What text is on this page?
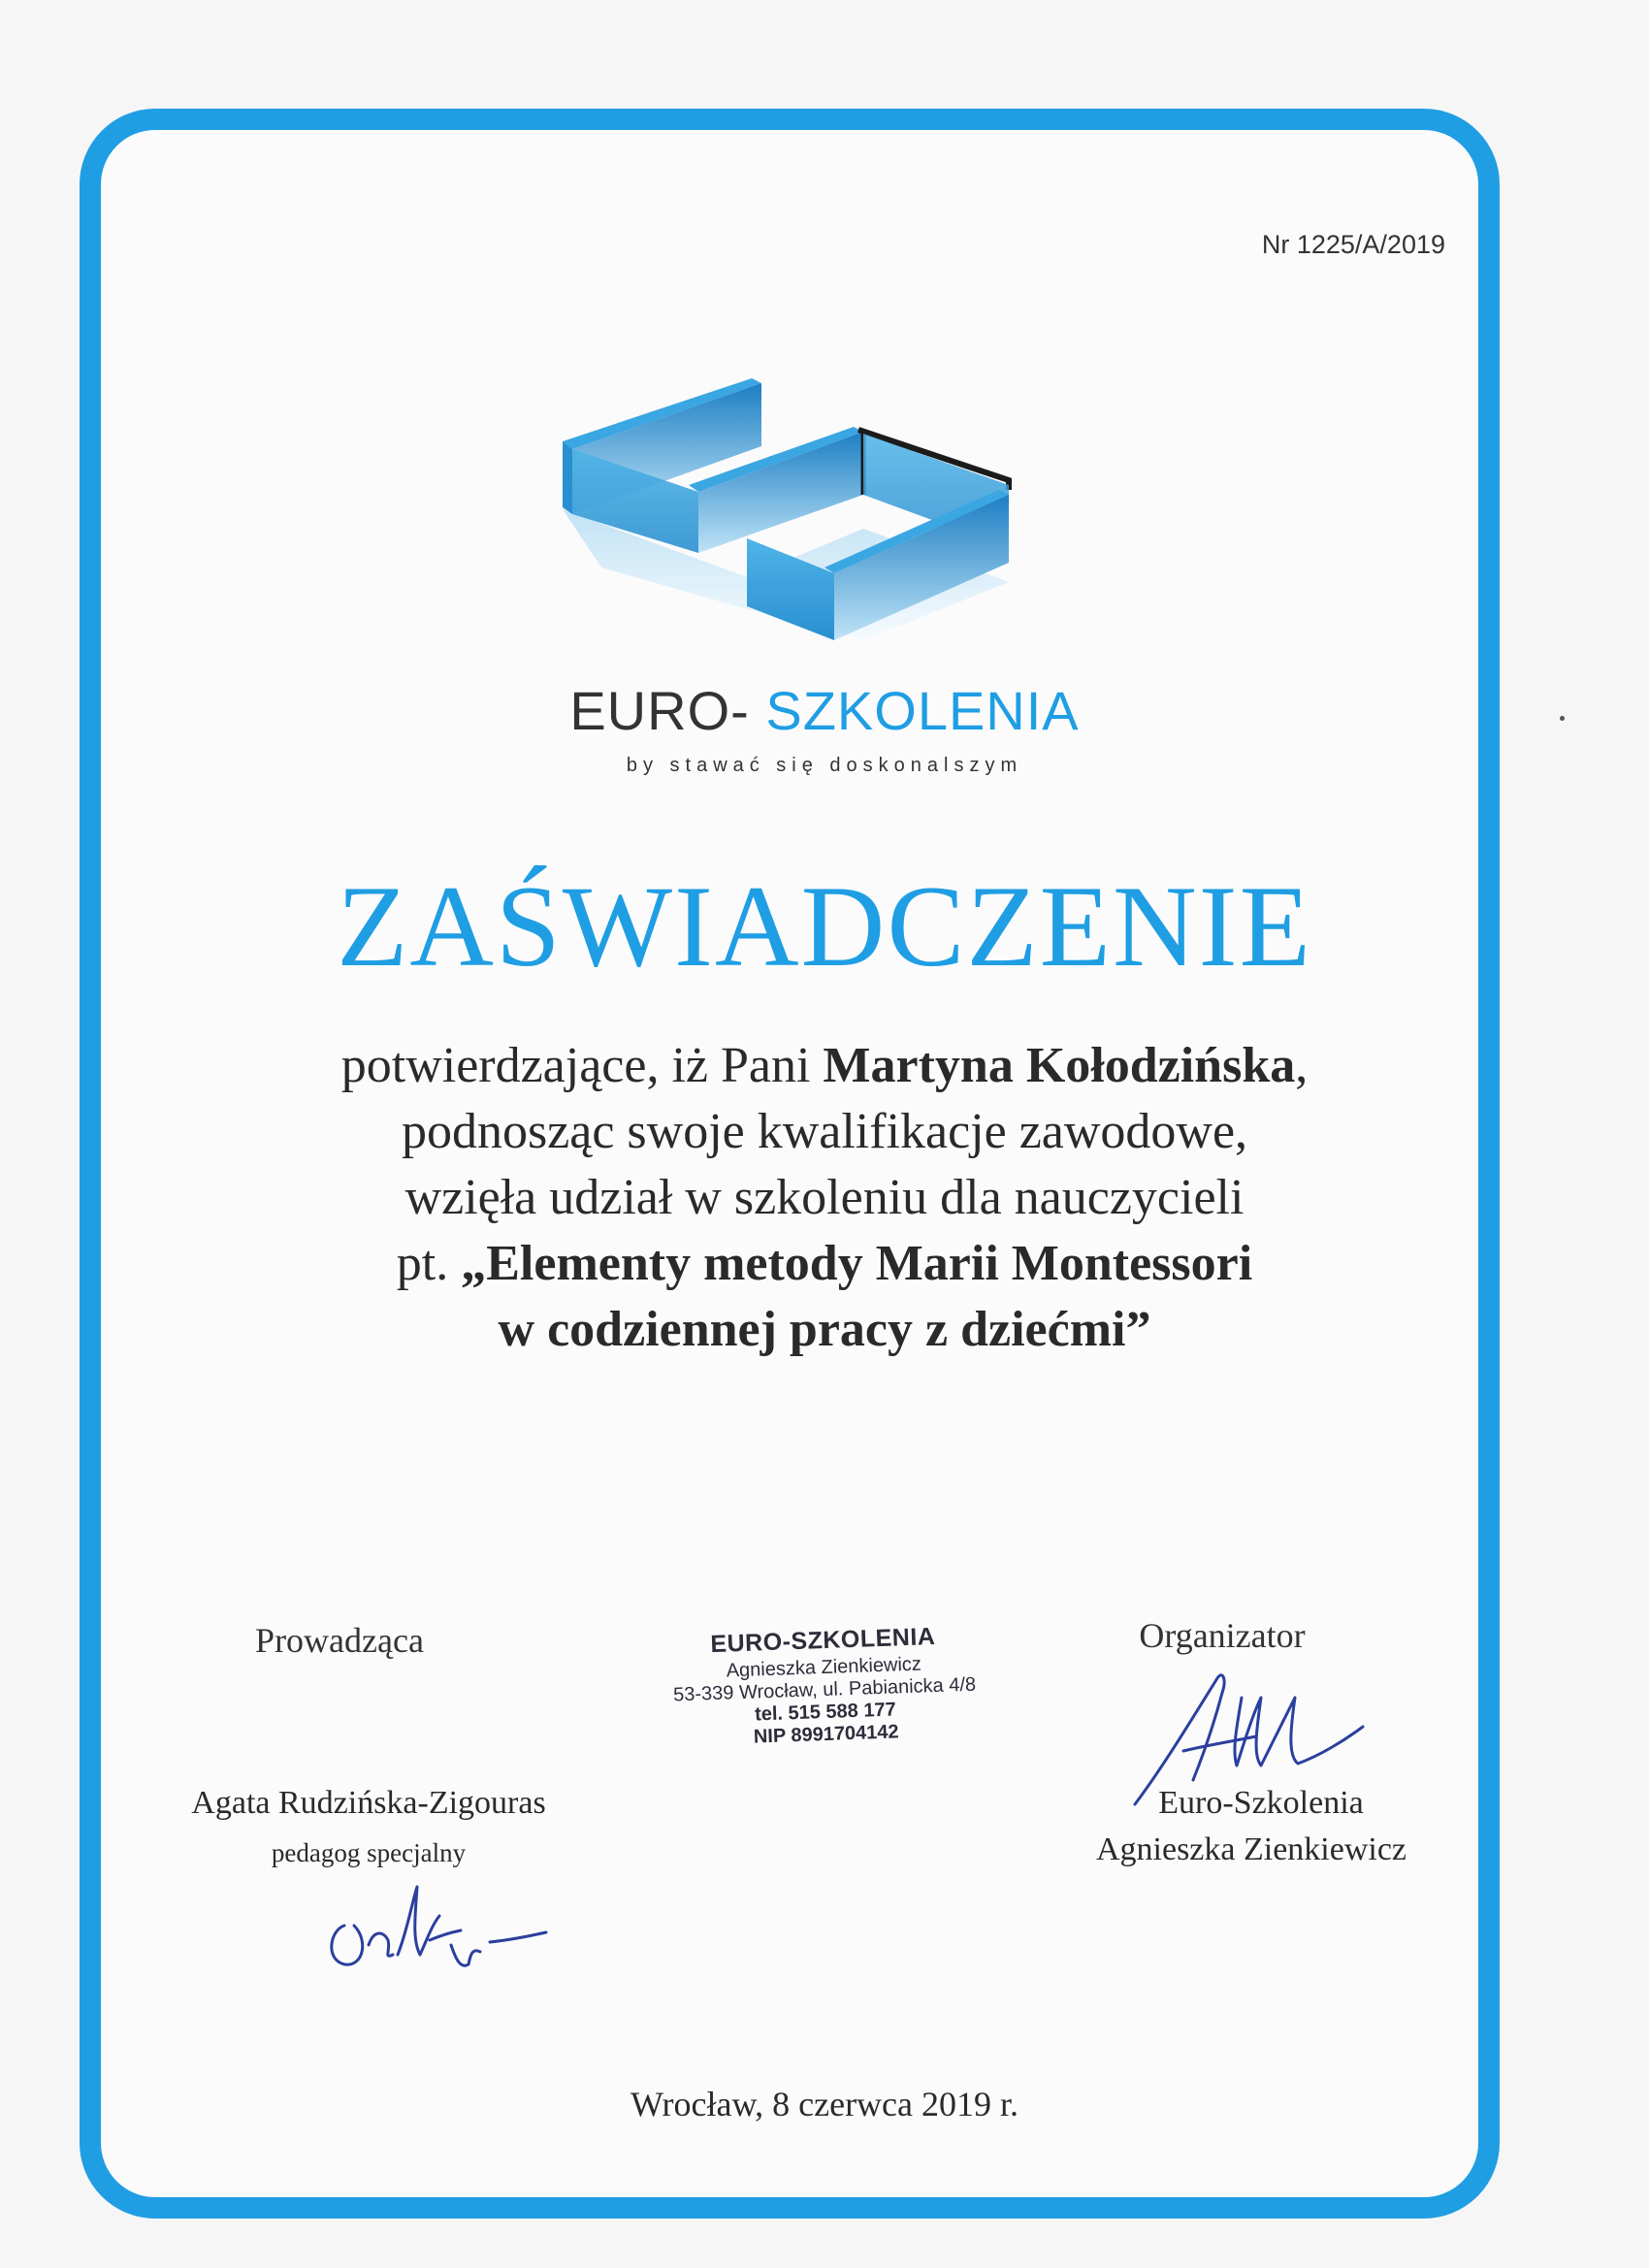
Nr 1225/A/2019
EURO- SZKOLENIA
by stawać się doskonalszym
ZAŚWIADCZENIE
potwierdzające, iż Pani Martyna Kołodzińska,
podnosząc swoje kwalifikacje zawodowe,
wzięła udział w szkoleniu dla nauczycieli
pt. „Elementy metody Marii Montessori
w codziennej pracy z dziećmi”
Prowadząca	Organizator
EURO-SZKOLENIA
Agnieszka Zienkiewicz
53-339 Wrocław, ul. Pabianicka 4/8
tel. 515 588 177
NIP 8991704142
Agata Rudzińska-Zigouras
pedagog specjalny
Euro-Szkolenia
Agnieszka Zienkiewicz
Wrocław, 8 czerwca 2019 r.
